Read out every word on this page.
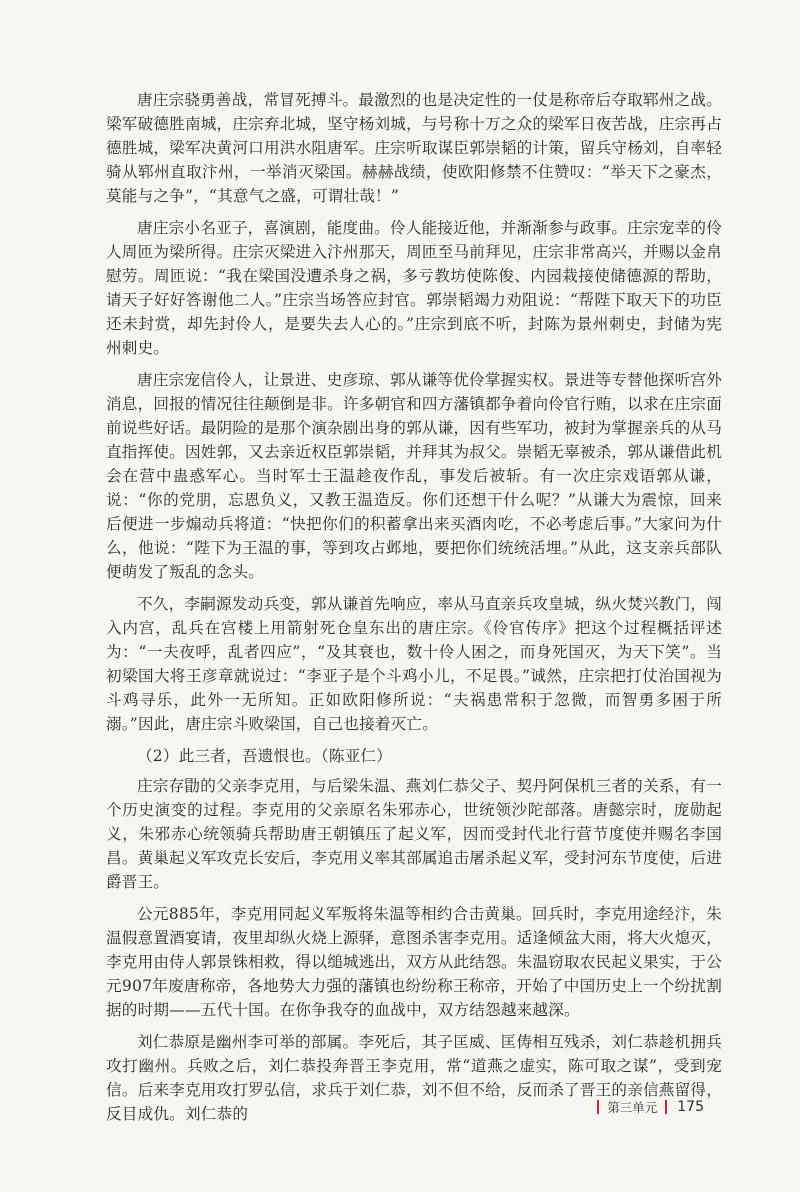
唐庄宗骁勇善战，常冒死搏斗。最激烈的也是决定性的一仗是称帝后夺取郓州之战。梁军破德胜南城，庄宗弃北城，坚守杨刘城，与号称十万之众的梁军日夜苦战，庄宗再占德胜城，梁军决黄河口用洪水阻唐军。庄宗听取谋臣郭崇韬的计策，留兵守杨刘，自率轻骑从郓州直取汴州，一举消灭梁国。赫赫战绩，使欧阳修禁不住赞叹：“举天下之豪杰，莫能与之争”，“其意气之盛，可谓壮哉！”

唐庄宗小名亚子，喜演剧，能度曲。伶人能接近他，并渐渐参与政事。庄宗宠幸的伶人周匝为梁所得。庄宗灭梁进入汴州那天，周匝至马前拜见，庄宗非常高兴，并赐以金帛慰劳。周匝说：“我在梁国没遭杀身之祸，多亏教坊使陈俊、内园栽接使储德源的帮助，请天子好好答谢他二人。”庄宗当场答应封官。郭崇韬竭力劝阻说：“帮陛下取天下的功臣还未封赏，却先封伶人，是要失去人心的。”庄宗到底不听，封陈为景州刺史，封储为宪州刺史。

唐庄宗宠信伶人，让景进、史彦琼、郭从谦等优伶掌握实权。景进等专替他探听宫外消息，回报的情况往往颠倒是非。许多朝官和四方藩镇都争着向伶官行贿，以求在庄宗面前说些好话。最阴险的是那个演杂剧出身的郭从谦，因有些军功，被封为掌握亲兵的从马直指挥使。因姓郭，又去亲近权臣郭崇韬，并拜其为叔父。崇韬无辜被杀，郭从谦借此机会在营中蛊惑军心。当时军士王温趁夜作乱，事发后被斩。有一次庄宗戏语郭从谦，说：“你的党朋，忘恩负义，又教王温造反。你们还想干什么呢？”从谦大为震惊，回来后便进一步煽动兵将道：“快把你们的积蓄拿出来买酒肉吃，不必考虑后事。”大家问为什么，他说：“陛下为王温的事，等到攻占邺地，要把你们统统活埋。”从此，这支亲兵部队便萌发了叛乱的念头。

不久，李嗣源发动兵变，郭从谦首先响应，率从马直亲兵攻皇城，纵火焚兴教门，闯入内宫，乱兵在宫楼上用箭射死仓皇东出的唐庄宗。《伶官传序》把这个过程概括评述为：“一夫夜呼，乱者四应”，“及其衰也，数十伶人困之，而身死国灭，为天下笑”。当初梁国大将王彦章就说过：“李亚子是个斗鸡小儿，不足畏。”诚然，庄宗把打仗治国视为斗鸡寻乐，此外一无所知。正如欧阳修所说：“夫祸患常积于忽微，而智勇多困于所溺。”因此，唐庄宗斗败梁国，自己也接着灭亡。

（2）此三者，吾遗恨也。（陈亚仁）

庄宗存勖的父亲李克用，与后梁朱温、燕刘仁恭父子、契丹阿保机三者的关系，有一个历史演变的过程。李克用的父亲原名朱邪赤心，世统领沙陀部落。唐懿宗时，庞勋起义，朱邪赤心统领骑兵帮助唐王朝镇压了起义军，因而受封代北行营节度使并赐名李国昌。黄巢起义军攻克长安后，李克用义率其部属追击屠杀起义军，受封河东节度使，后进爵晋王。

公元885年，李克用同起义军叛将朱温等相约合击黄巢。回兵时，李克用途经汴，朱温假意置酒宴请，夜里却纵火烧上源驿，意图杀害李克用。适逢倾盆大雨，将大火熄灭，李克用由侍人郭景铢相救，得以缒城逃出，双方从此结怨。朱温窃取农民起义果实，于公元907年废唐称帝，各地势大力强的藩镇也纷纷称王称帝，开始了中国历史上一个纷扰割据的时期——五代十国。在你争我夺的血战中，双方结怨越来越深。

刘仁恭原是幽州李可举的部属。李死后，其子匡威、匡俦相互残杀，刘仁恭趁机拥兵攻打幽州。兵败之后，刘仁恭投奔晋王李克用，常“道燕之虚实，陈可取之谋”，受到宠信。后来李克用攻打罗弘信，求兵于刘仁恭，刘不但不给，反而杀了晋王的亲信燕留得，反目成仇。刘仁恭的	第三单元 175
